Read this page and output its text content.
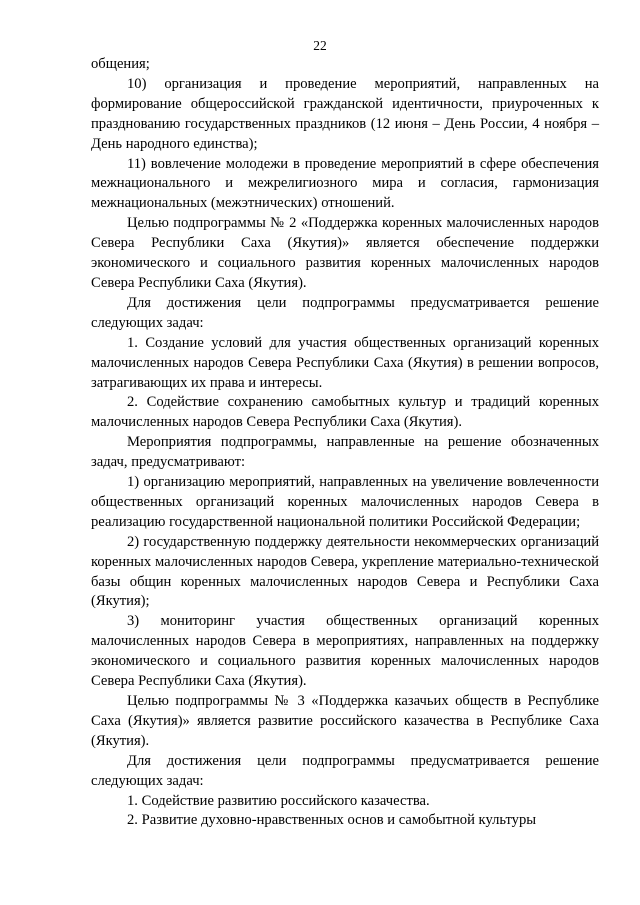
22

общения;

10) организация и проведение мероприятий, направленных на формирование общероссийской гражданской идентичности, приуроченных к празднованию государственных праздников (12 июня – День России, 4 ноября – День народного единства);

11) вовлечение молодежи в проведение мероприятий в сфере обеспечения межнационального и межрелигиозного мира и согласия, гармонизация межнациональных (межэтнических) отношений.

Целью подпрограммы № 2 «Поддержка коренных малочисленных народов Севера Республики Саха (Якутия)» является обеспечение поддержки экономического и социального развития коренных малочисленных народов Севера Республики Саха (Якутия).

Для достижения цели подпрограммы предусматривается решение следующих задач:

1. Создание условий для участия общественных организаций коренных малочисленных народов Севера Республики Саха (Якутия) в решении вопросов, затрагивающих их права и интересы.

2. Содействие сохранению самобытных культур и традиций коренных малочисленных народов Севера Республики Саха (Якутия).

Мероприятия подпрограммы, направленные на решение обозначенных задач, предусматривают:

1) организацию мероприятий, направленных на увеличение вовлеченности общественных организаций коренных малочисленных народов Севера в реализацию государственной национальной политики Российской Федерации;

2) государственную поддержку деятельности некоммерческих организаций коренных малочисленных народов Севера, укрепление материально-технической базы общин коренных малочисленных народов Севера и Республики Саха (Якутия);

3) мониторинг участия общественных организаций коренных малочисленных народов Севера в мероприятиях, направленных на поддержку экономического и социального развития коренных малочисленных народов Севера Республики Саха (Якутия).

Целью подпрограммы № 3 «Поддержка казачьих обществ в Республике Саха (Якутия)» является развитие российского казачества в Республике Саха (Якутия).

Для достижения цели подпрограммы предусматривается решение следующих задач:

1. Содействие развитию российского казачества.

2. Развитие духовно-нравственных основ и самобытной культуры
